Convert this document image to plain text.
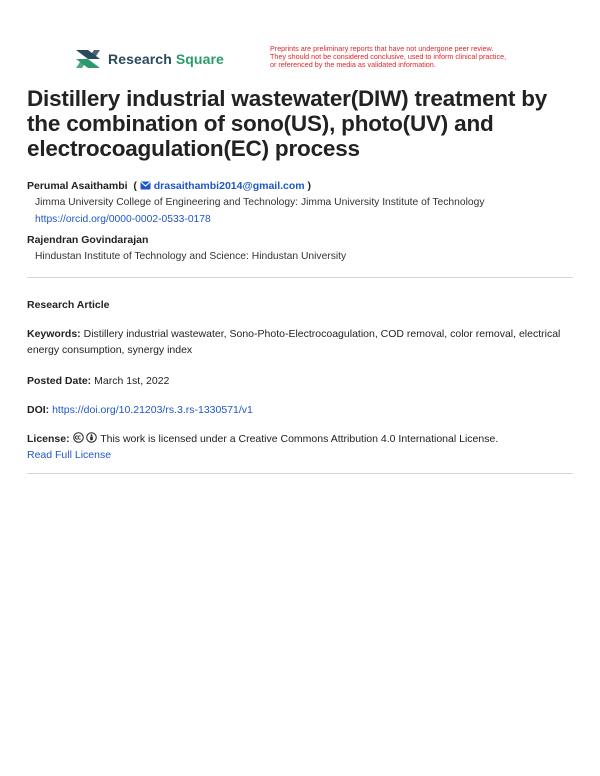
Research Square
Preprints are preliminary reports that have not undergone peer review.
They should not be considered conclusive, used to inform clinical practice,
or referenced by the media as validated information.
Distillery industrial wastewater(DIW) treatment by the combination of sono(US), photo(UV) and electrocoagulation(EC) process
Perumal Asaithambi  (  drasaithambi2014@gmail.com )
Jimma University College of Engineering and Technology: Jimma University Institute of Technology
https://orcid.org/0000-0002-0533-0178
Rajendran Govindarajan
Hindustan Institute of Technology and Science: Hindustan University
Research Article
Keywords: Distillery industrial wastewater, Sono-Photo-Electrocoagulation, COD removal, color removal, electrical energy consumption, synergy index
Posted Date: March 1st, 2022
DOI: https://doi.org/10.21203/rs.3.rs-1330571/v1
License:	This work is licensed under a Creative Commons Attribution 4.0 International License.
Read Full License
